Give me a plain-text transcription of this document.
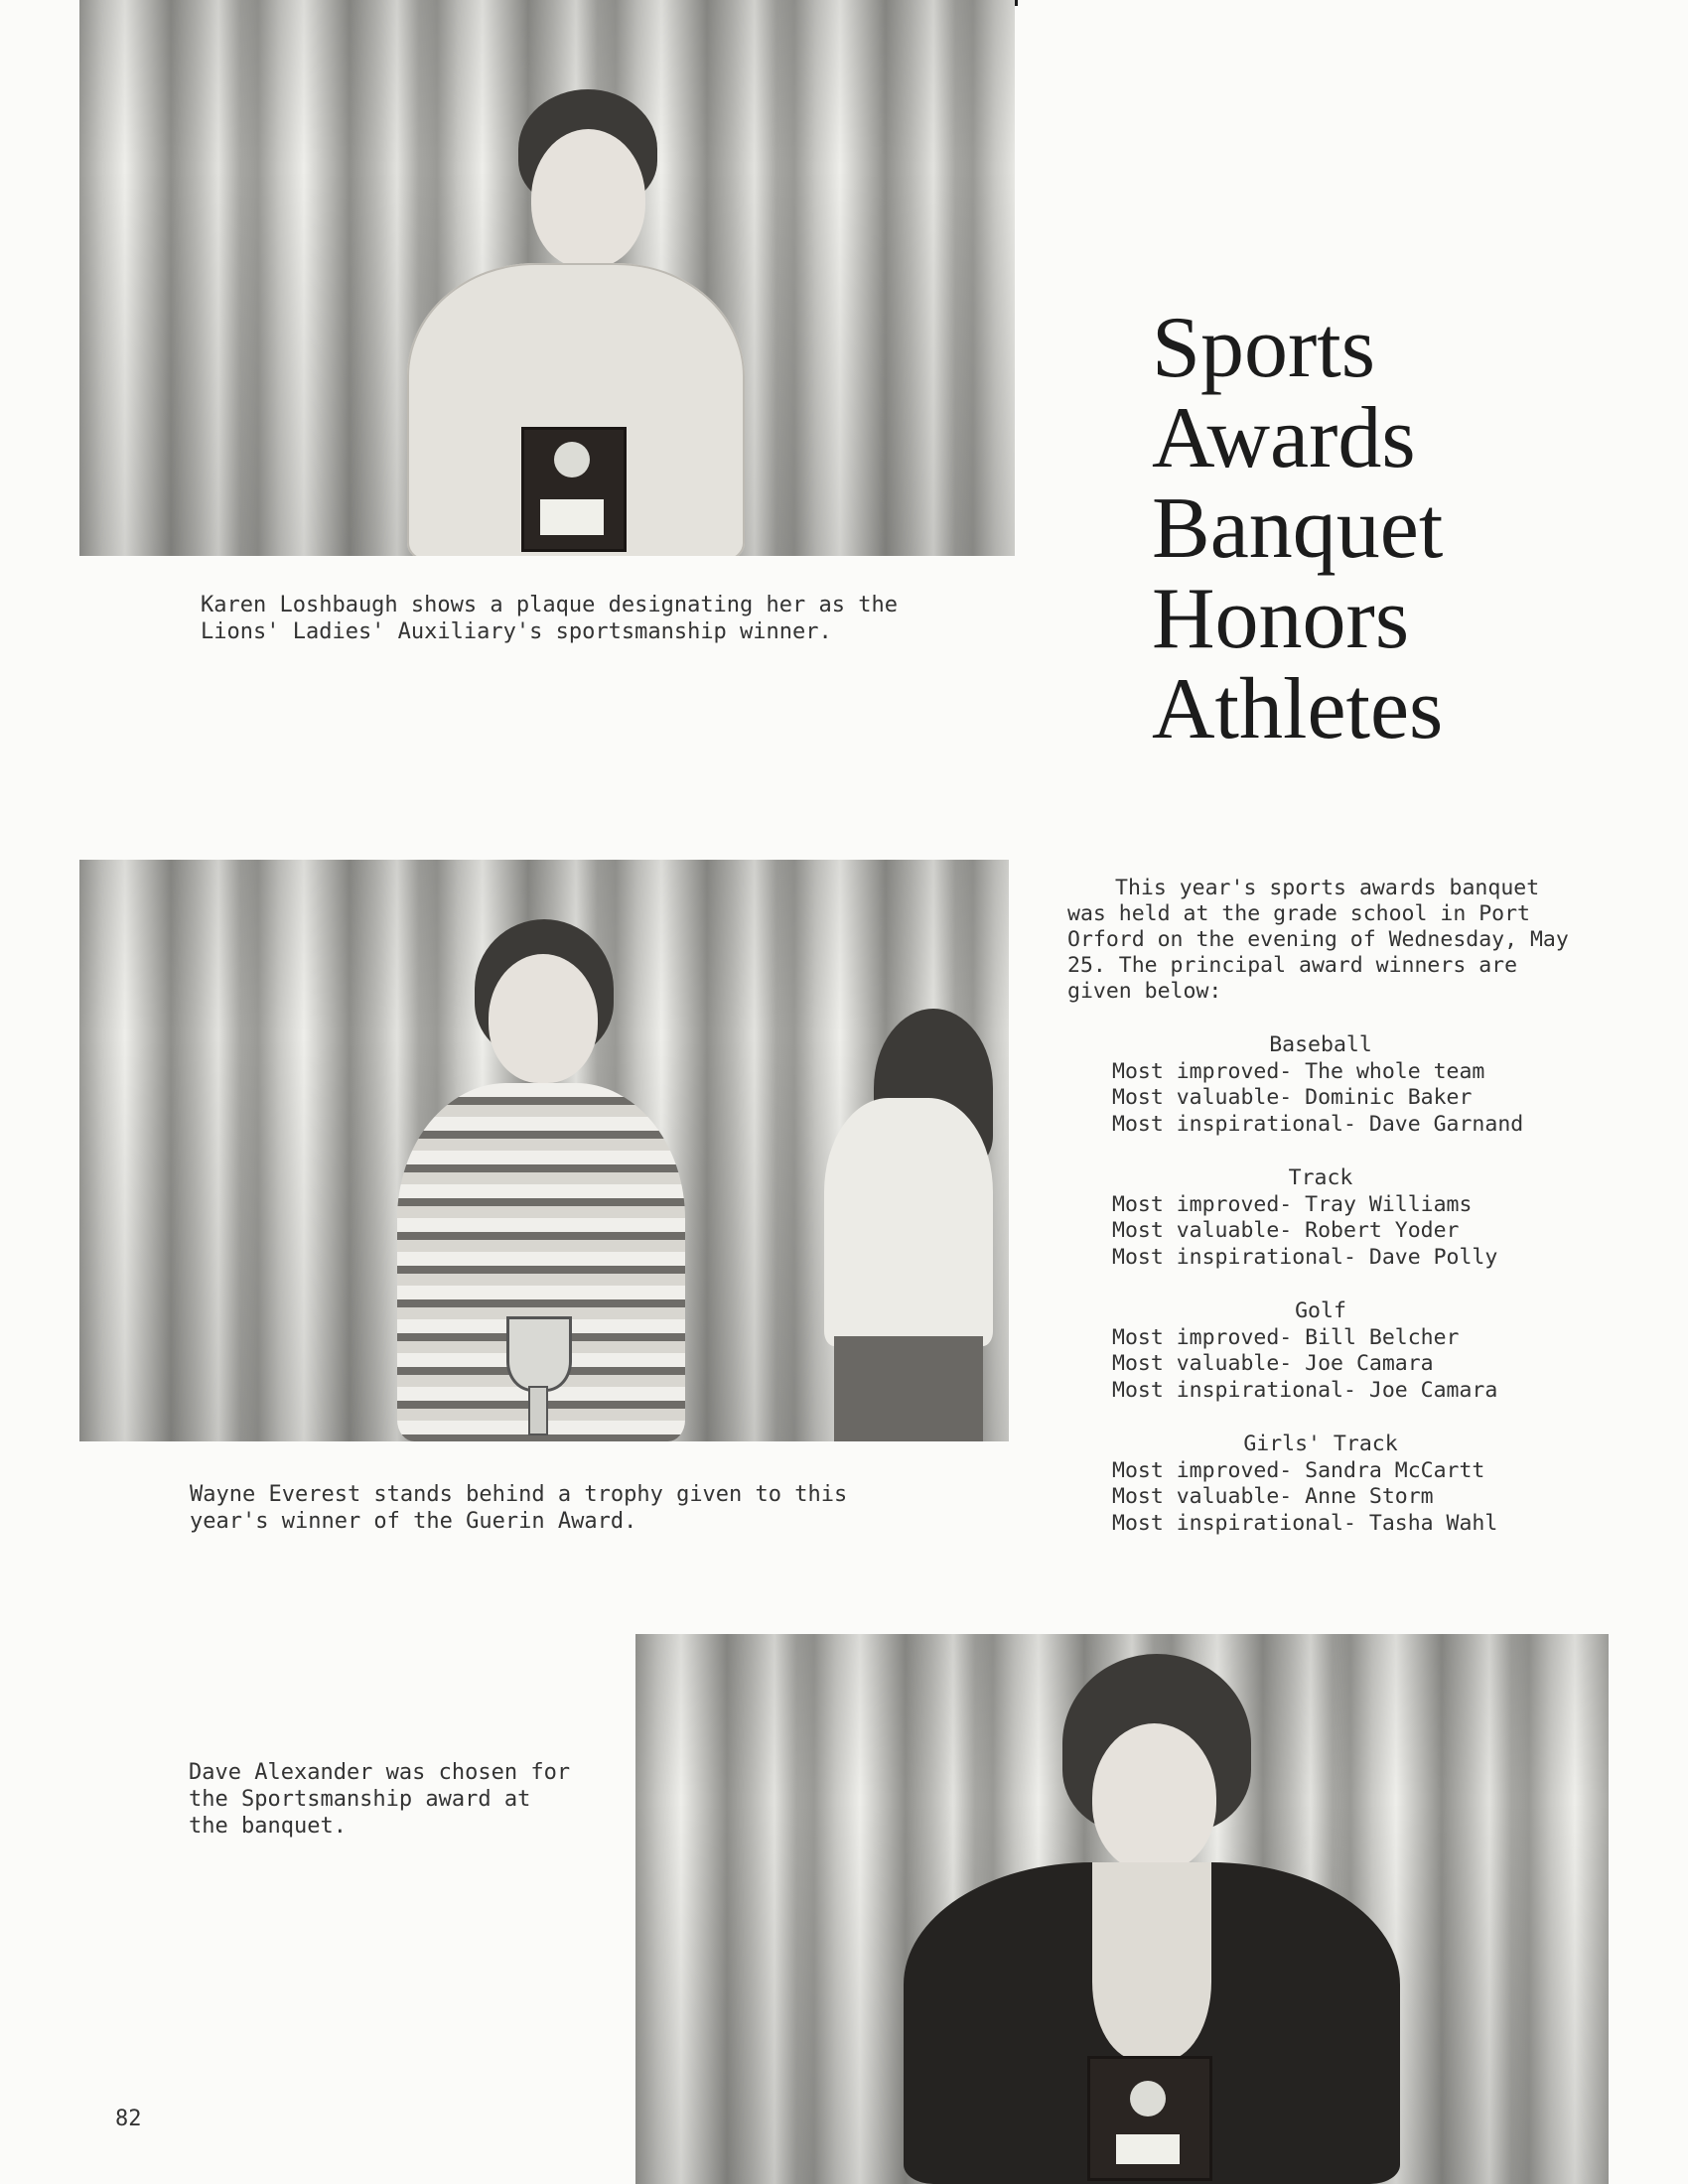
Karen Loshbaugh shows a plaque designating her as the Lions' Ladies' Auxiliary's sportsmanship winner.

Sports
Awards
Banquet
Honors
Athletes

Wayne Everest stands behind a trophy given to this year's winner of the Guerin Award.

This year's sports awards banquet was held at the grade school in Port Orford on the evening of Wednesday, May 25. The principal award winners are given below:

Baseball
Most improved- The whole team
Most valuable- Dominic Baker
Most inspirational- Dave Garnand
Track
Most improved- Tray Williams
Most valuable- Robert Yoder
Most inspirational- Dave Polly
Golf
Most improved- Bill Belcher
Most valuable- Joe Camara
Most inspirational- Joe Camara
Girls' Track
Most improved- Sandra McCartt
Most valuable- Anne Storm
Most inspirational- Tasha Wahl

Dave Alexander was chosen for the Sportsmanship award at the banquet.

82
